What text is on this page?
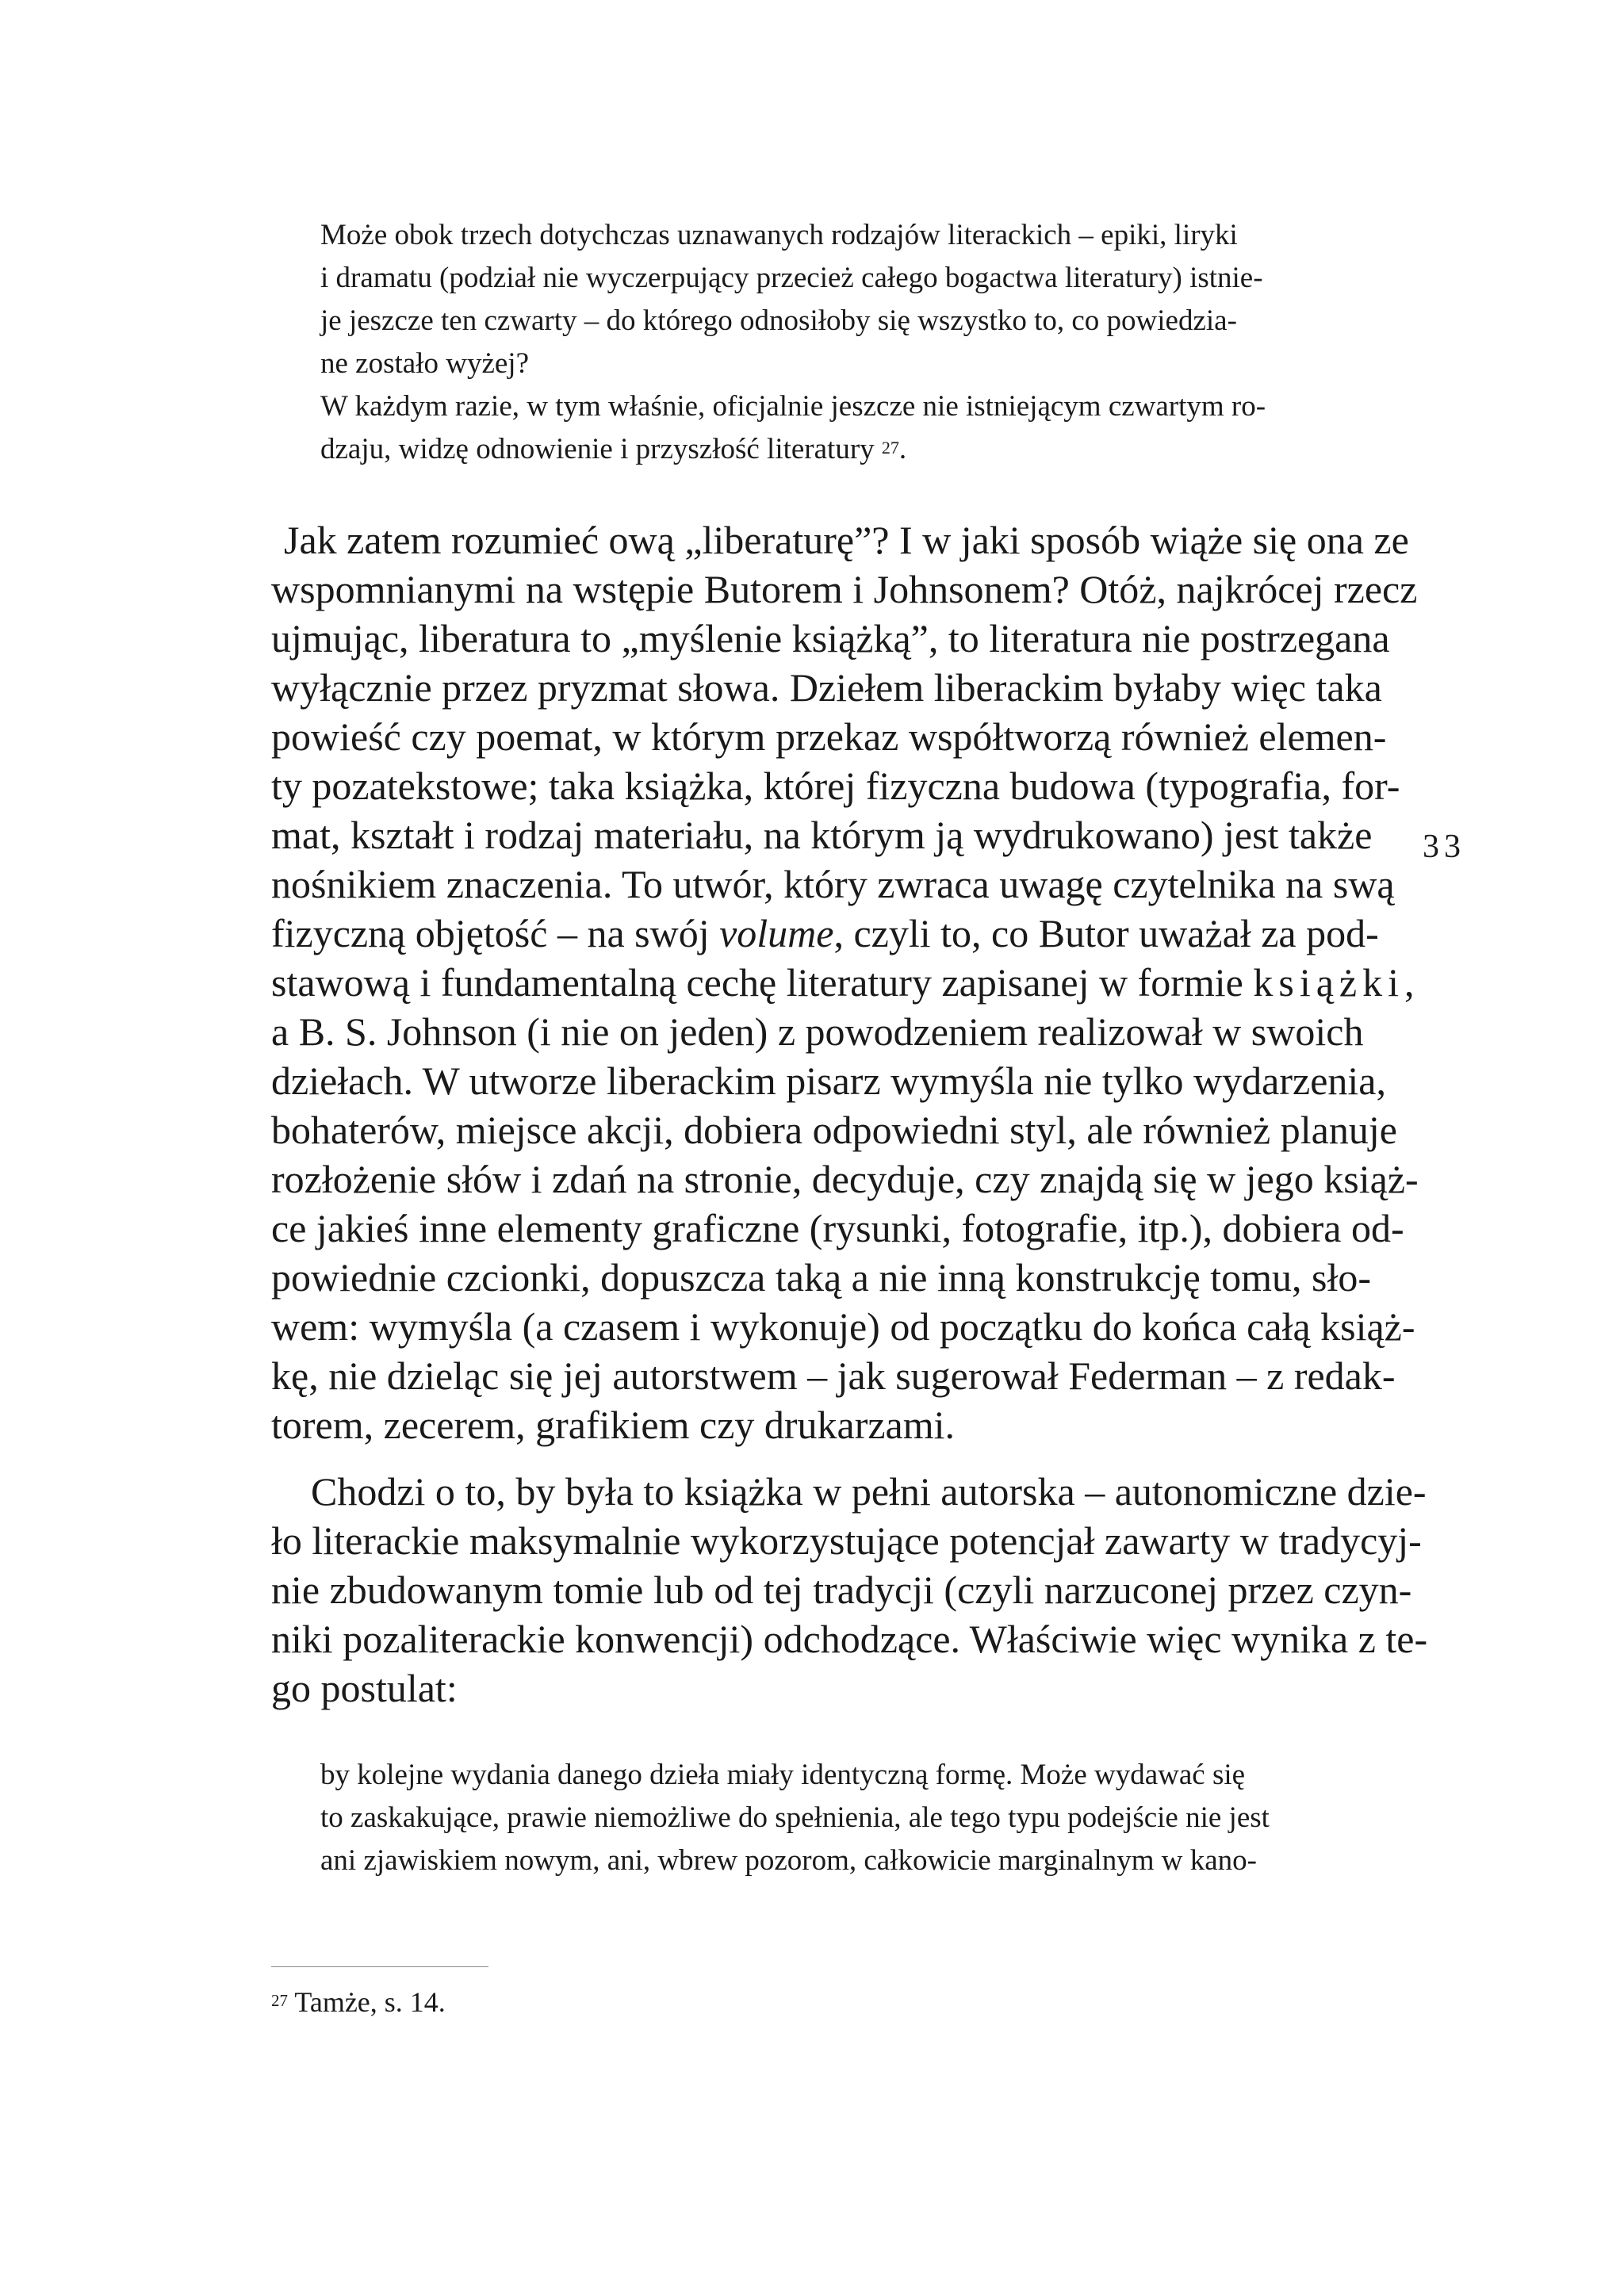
Może obok trzech dotychczas uznawanych rodzajów literackich – epiki, liryki
i dramatu (podział nie wyczerpujący przecież całego bogactwa literatury) istnie-
je jeszcze ten czwarty – do którego odnosiłoby się wszystko to, co powiedzia-
ne zostało wyżej?
W każdym razie, w tym właśnie, oficjalnie jeszcze nie istniejącym czwartym ro-
dzaju, widzę odnowienie i przyszłość literatury $^{27}$.
Jak zatem rozumieć ową „liberaturę”? I w jaki sposób wiąże się ona ze
wspomnianymi na wstępie Butorem i Johnsonem? Otóż, najkrócej rzecz
ujmując, liberatura to „myślenie książką”, to literatura nie postrzegana
wyłącznie przez pryzmat słowa. Dziełem liberackim byłaby więc taka
powieść czy poemat, w którym przekaz współtworzą również elemen-
ty pozatekstowe; taka książka, której fizyczna budowa (typografia, for-
mat, kształt i rodzaj materiału, na którym ją wydrukowano) jest także
nośnikiem znaczenia. To utwór, który zwraca uwagę czytelnika na swą
fizyczną objętość – na swój volume, czyli to, co Butor uważał za pod-
stawową i fundamentalną cechę literatury zapisanej w formie książki,
a B. S. Johnson (i nie on jeden) z powodzeniem realizował w swoich
dziełach. W utworze liberackim pisarz wymyśla nie tylko wydarzenia,
bohaterów, miejsce akcji, dobiera odpowiedni styl, ale również planuje
rozłożenie słów i zdań na stronie, decyduje, czy znajdą się w jego książ-
ce jakieś inne elementy graficzne (rysunki, fotografie, itp.), dobiera od-
powiednie czcionki, dopuszcza taką a nie inną konstrukcję tomu, sło-
wem: wymyśla (a czasem i wykonuje) od początku do końca całą książ-
kę, nie dzieląc się jej autorstwem – jak sugerował Federman – z redak-
torem, zecerem, grafikiem czy drukarzami.
Chodzi o to, by była to książka w pełni autorska – autonomiczne dzie-
ło literackie maksymalnie wykorzystujące potencjał zawarty w tradycyj-
nie zbudowanym tomie lub od tej tradycji (czyli narzuconej przez czyn-
niki pozaliterackie konwencji) odchodzące. Właściwie więc wynika z te-
go postulat:
by kolejne wydania danego dzieła miały identyczną formę. Może wydawać się
to zaskakujące, prawie niemożliwe do spełnienia, ale tego typu podejście nie jest
ani zjawiskiem nowym, ani, wbrew pozorom, całkowicie marginalnym w kano-
$^{27}$ Tamże, s. 14.
33
